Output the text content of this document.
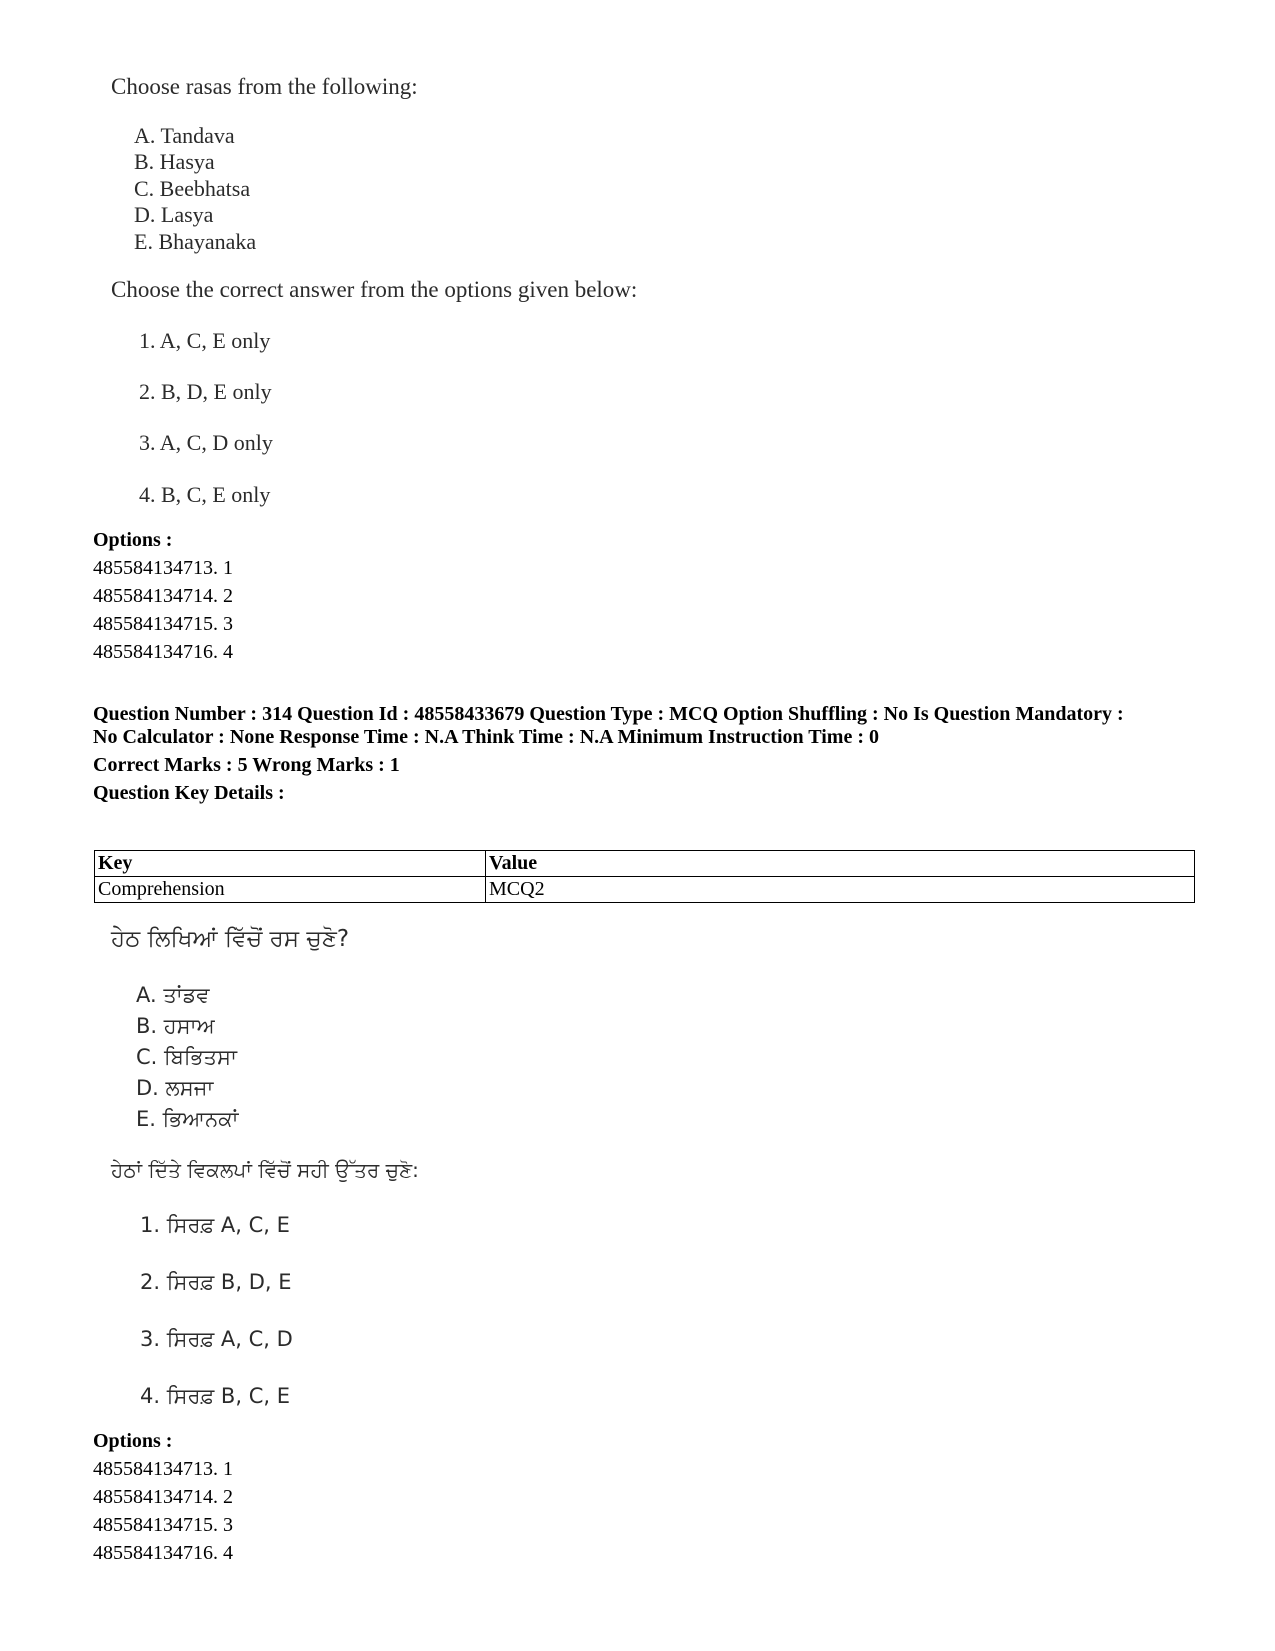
Choose rasas from the following:
A. Tandava
B. Hasya
C. Beebhatsa
D. Lasya
E. Bhayanaka
Choose the correct answer from the options given below:
1. A, C, E only
2. B, D, E only
3. A, C, D only
4. B, C, E only
Options :
485584134713. 1
485584134714. 2
485584134715. 3
485584134716. 4
Question Number : 314 Question Id : 48558433679 Question Type : MCQ Option Shuffling : No Is Question Mandatory :
No Calculator : None Response Time : N.A Think Time : N.A Minimum Instruction Time : 0
Correct Marks : 5 Wrong Marks : 1
Question Key Details :
Key	Value
Comprehension	MCQ2
ਹੇਠ ਲਿਖਿਆਂ ਵਿੱਚੋਂ ਰਸ ਚੁਣੋ?
A. ਤਾਂਡਵ
B. ਹਸਾਅ
C. ਬਿਭਿਤਸਾ
D. ਲਸਜਾ
E. ਭਿਆਨਕਾਂ
ਹੇਠਾਂ ਦਿੱਤੇ ਵਿਕਲਪਾਂ ਵਿੱਚੋਂ ਸਹੀ ਉੱਤਰ ਚੁਣੋ:
1. ਸਿਰਫ਼ A, C, E
2. ਸਿਰਫ਼ B, D, E
3. ਸਿਰਫ਼ A, C, D
4. ਸਿਰਫ਼ B, C, E
Options :
485584134713. 1
485584134714. 2
485584134715. 3
485584134716. 4
